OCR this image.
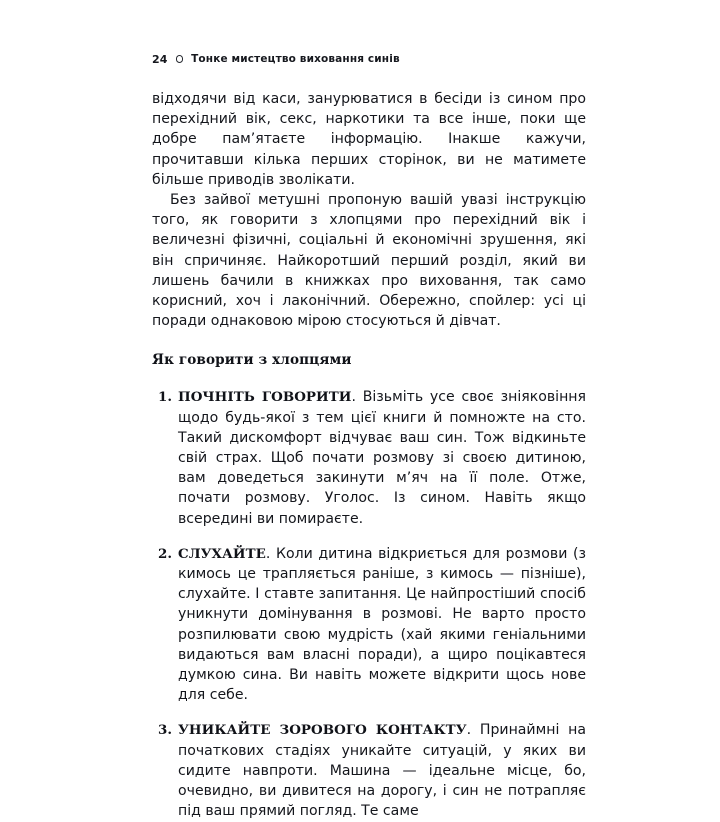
24 Тонке мистецтво виховання синів

відходячи від каси, занурюватися в бесіди із сином про перехідний вік, секс, наркотики та все інше, поки ще добре пам’ятаєте інформацію. Інакше кажучи, прочитавши кілька перших сторінок, ви не матимете більше приводів зволікати.

Без зайвої метушні пропоную вашій увазі інструкцію того, як говорити з хлопцями про перехідний вік і величезні фізичні, соціальні й економічні зрушення, які він спричиняє. Найкоротший перший розділ, який ви лишень бачили в книжках про виховання, так само корисний, хоч і лаконічний. Обережно, спойлер: усі ці поради однаковою мірою стосуються й дівчат.

Як говорити з хлопцями
1. ПОЧНІТЬ ГОВОРИТИ. Візьміть усе своє зніяковіння щодо будь-якої з тем цієї книги й помножте на сто. Такий дискомфорт відчуває ваш син. Тож відкиньте свій страх. Щоб почати розмову зі своєю дитиною, вам доведеться закинути м’яч на її поле. Отже, почати розмову. Уголос. Із сином. Навіть якщо всередині ви помираєте.
2. СЛУХАЙТЕ. Коли дитина відкриється для розмови (з кимось це трапляється раніше, з кимось — пізніше), слухайте. І ставте запитання. Це найпростіший спосіб уникнути домінування в розмові. Не варто просто розпилювати свою мудрість (хай якими геніальними видаються вам власні поради), а щиро поцікавтеся думкою сина. Ви навіть можете відкрити щось нове для себе.
3. УНИКАЙТЕ ЗОРОВОГО КОНТАКТУ. Принаймні на початкових стадіях уникайте ситуацій, у яких ви сидите навпроти. Машина — ідеальне місце, бо, очевидно, ви дивитеся на дорогу, і син не потрапляє під ваш прямий погляд. Те саме
